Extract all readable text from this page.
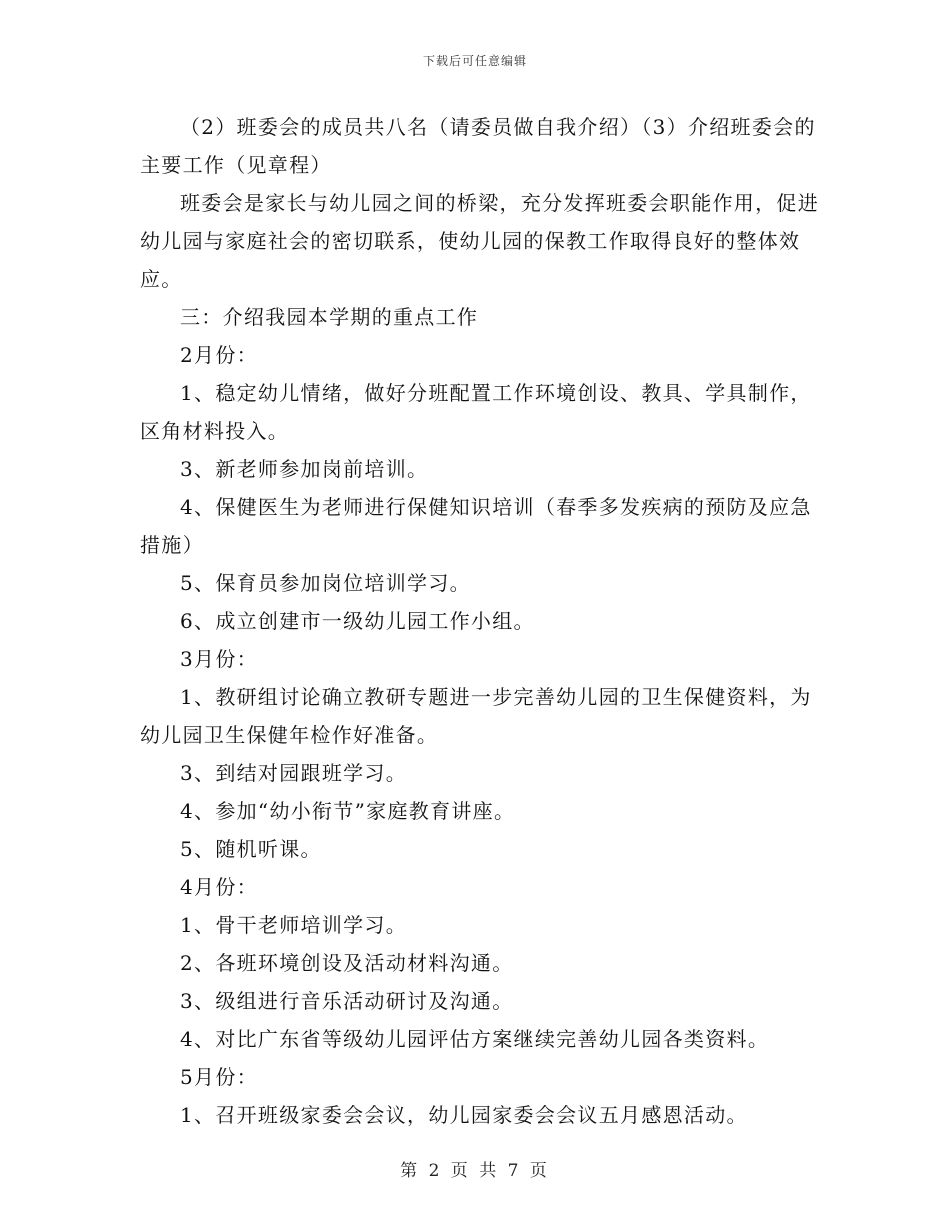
下载后可任意编辑

（2）班委会的成员共八名（请委员做自我介绍）（3）介绍班委会的主要工作（见章程）

班委会是家长与幼儿园之间的桥梁，充分发挥班委会职能作用，促进幼儿园与家庭社会的密切联系，使幼儿园的保教工作取得良好的整体效应。

三：介绍我园本学期的重点工作

2月份：

1、稳定幼儿情绪，做好分班配置工作环境创设、教具、学具制作，区角材料投入。

3、新老师参加岗前培训。

4、保健医生为老师进行保健知识培训（春季多发疾病的预防及应急措施）

5、保育员参加岗位培训学习。

6、成立创建市一级幼儿园工作小组。

3月份：

1、教研组讨论确立教研专题进一步完善幼儿园的卫生保健资料，为幼儿园卫生保健年检作好准备。

3、到结对园跟班学习。

4、参加“幼小衔节”家庭教育讲座。

5、随机听课。

4月份：

1、骨干老师培训学习。

2、各班环境创设及活动材料沟通。

3、级组进行音乐活动研讨及沟通。

4、对比广东省等级幼儿园评估方案继续完善幼儿园各类资料。

5月份：

1、召开班级家委会会议，幼儿园家委会会议五月感恩活动。

第 2 页 共 7 页
